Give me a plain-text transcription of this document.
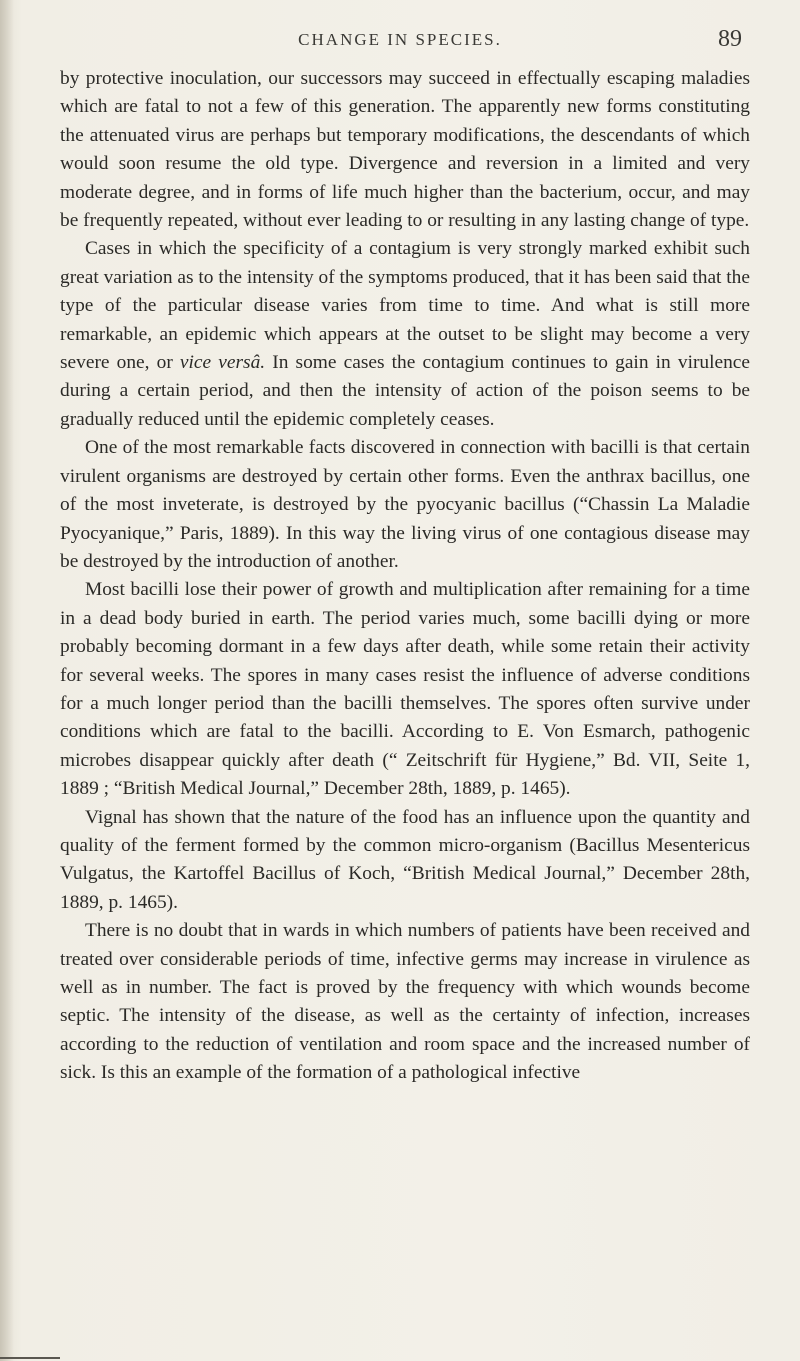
CHANGE IN SPECIES.	89

by protective inoculation, our successors may succeed in effectually escaping maladies which are fatal to not a few of this generation. The apparently new forms constituting the attenuated virus are perhaps but temporary modifications, the descendants of which would soon resume the old type. Divergence and reversion in a limited and very moderate degree, and in forms of life much higher than the bacterium, occur, and may be frequently repeated, without ever leading to or resulting in any lasting change of type.

Cases in which the specificity of a contagium is very strongly marked exhibit such great variation as to the intensity of the symptoms produced, that it has been said that the type of the particular disease varies from time to time. And what is still more remarkable, an epidemic which appears at the outset to be slight may become a very severe one, or vice versâ. In some cases the contagium continues to gain in virulence during a certain period, and then the intensity of action of the poison seems to be gradually reduced until the epidemic completely ceases.

One of the most remarkable facts discovered in connection with bacilli is that certain virulent organisms are destroyed by certain other forms. Even the anthrax bacillus, one of the most inveterate, is destroyed by the pyocyanic bacillus (“Chassin La Maladie Pyocyanique,” Paris, 1889). In this way the living virus of one contagious disease may be destroyed by the introduction of another.

Most bacilli lose their power of growth and multiplication after remaining for a time in a dead body buried in earth. The period varies much, some bacilli dying or more probably becoming dormant in a few days after death, while some retain their activity for several weeks. The spores in many cases resist the influence of adverse conditions for a much longer period than the bacilli themselves. The spores often survive under conditions which are fatal to the bacilli. According to E. Von Esmarch, pathogenic microbes disappear quickly after death (“ Zeitschrift für Hygiene,” Bd. VII, Seite 1, 1889 ; “British Medical Journal,” December 28th, 1889, p. 1465).

Vignal has shown that the nature of the food has an influence upon the quantity and quality of the ferment formed by the common micro-organism (Bacillus Mesentericus Vulgatus, the Kartoffel Bacillus of Koch, “British Medical Journal,” December 28th, 1889, p. 1465).

There is no doubt that in wards in which numbers of patients have been received and treated over considerable periods of time, infective germs may increase in virulence as well as in number. The fact is proved by the frequency with which wounds become septic. The intensity of the disease, as well as the certainty of infection, increases according to the reduction of ventilation and room space and the increased number of sick. Is this an example of the formation of a pathological infective
